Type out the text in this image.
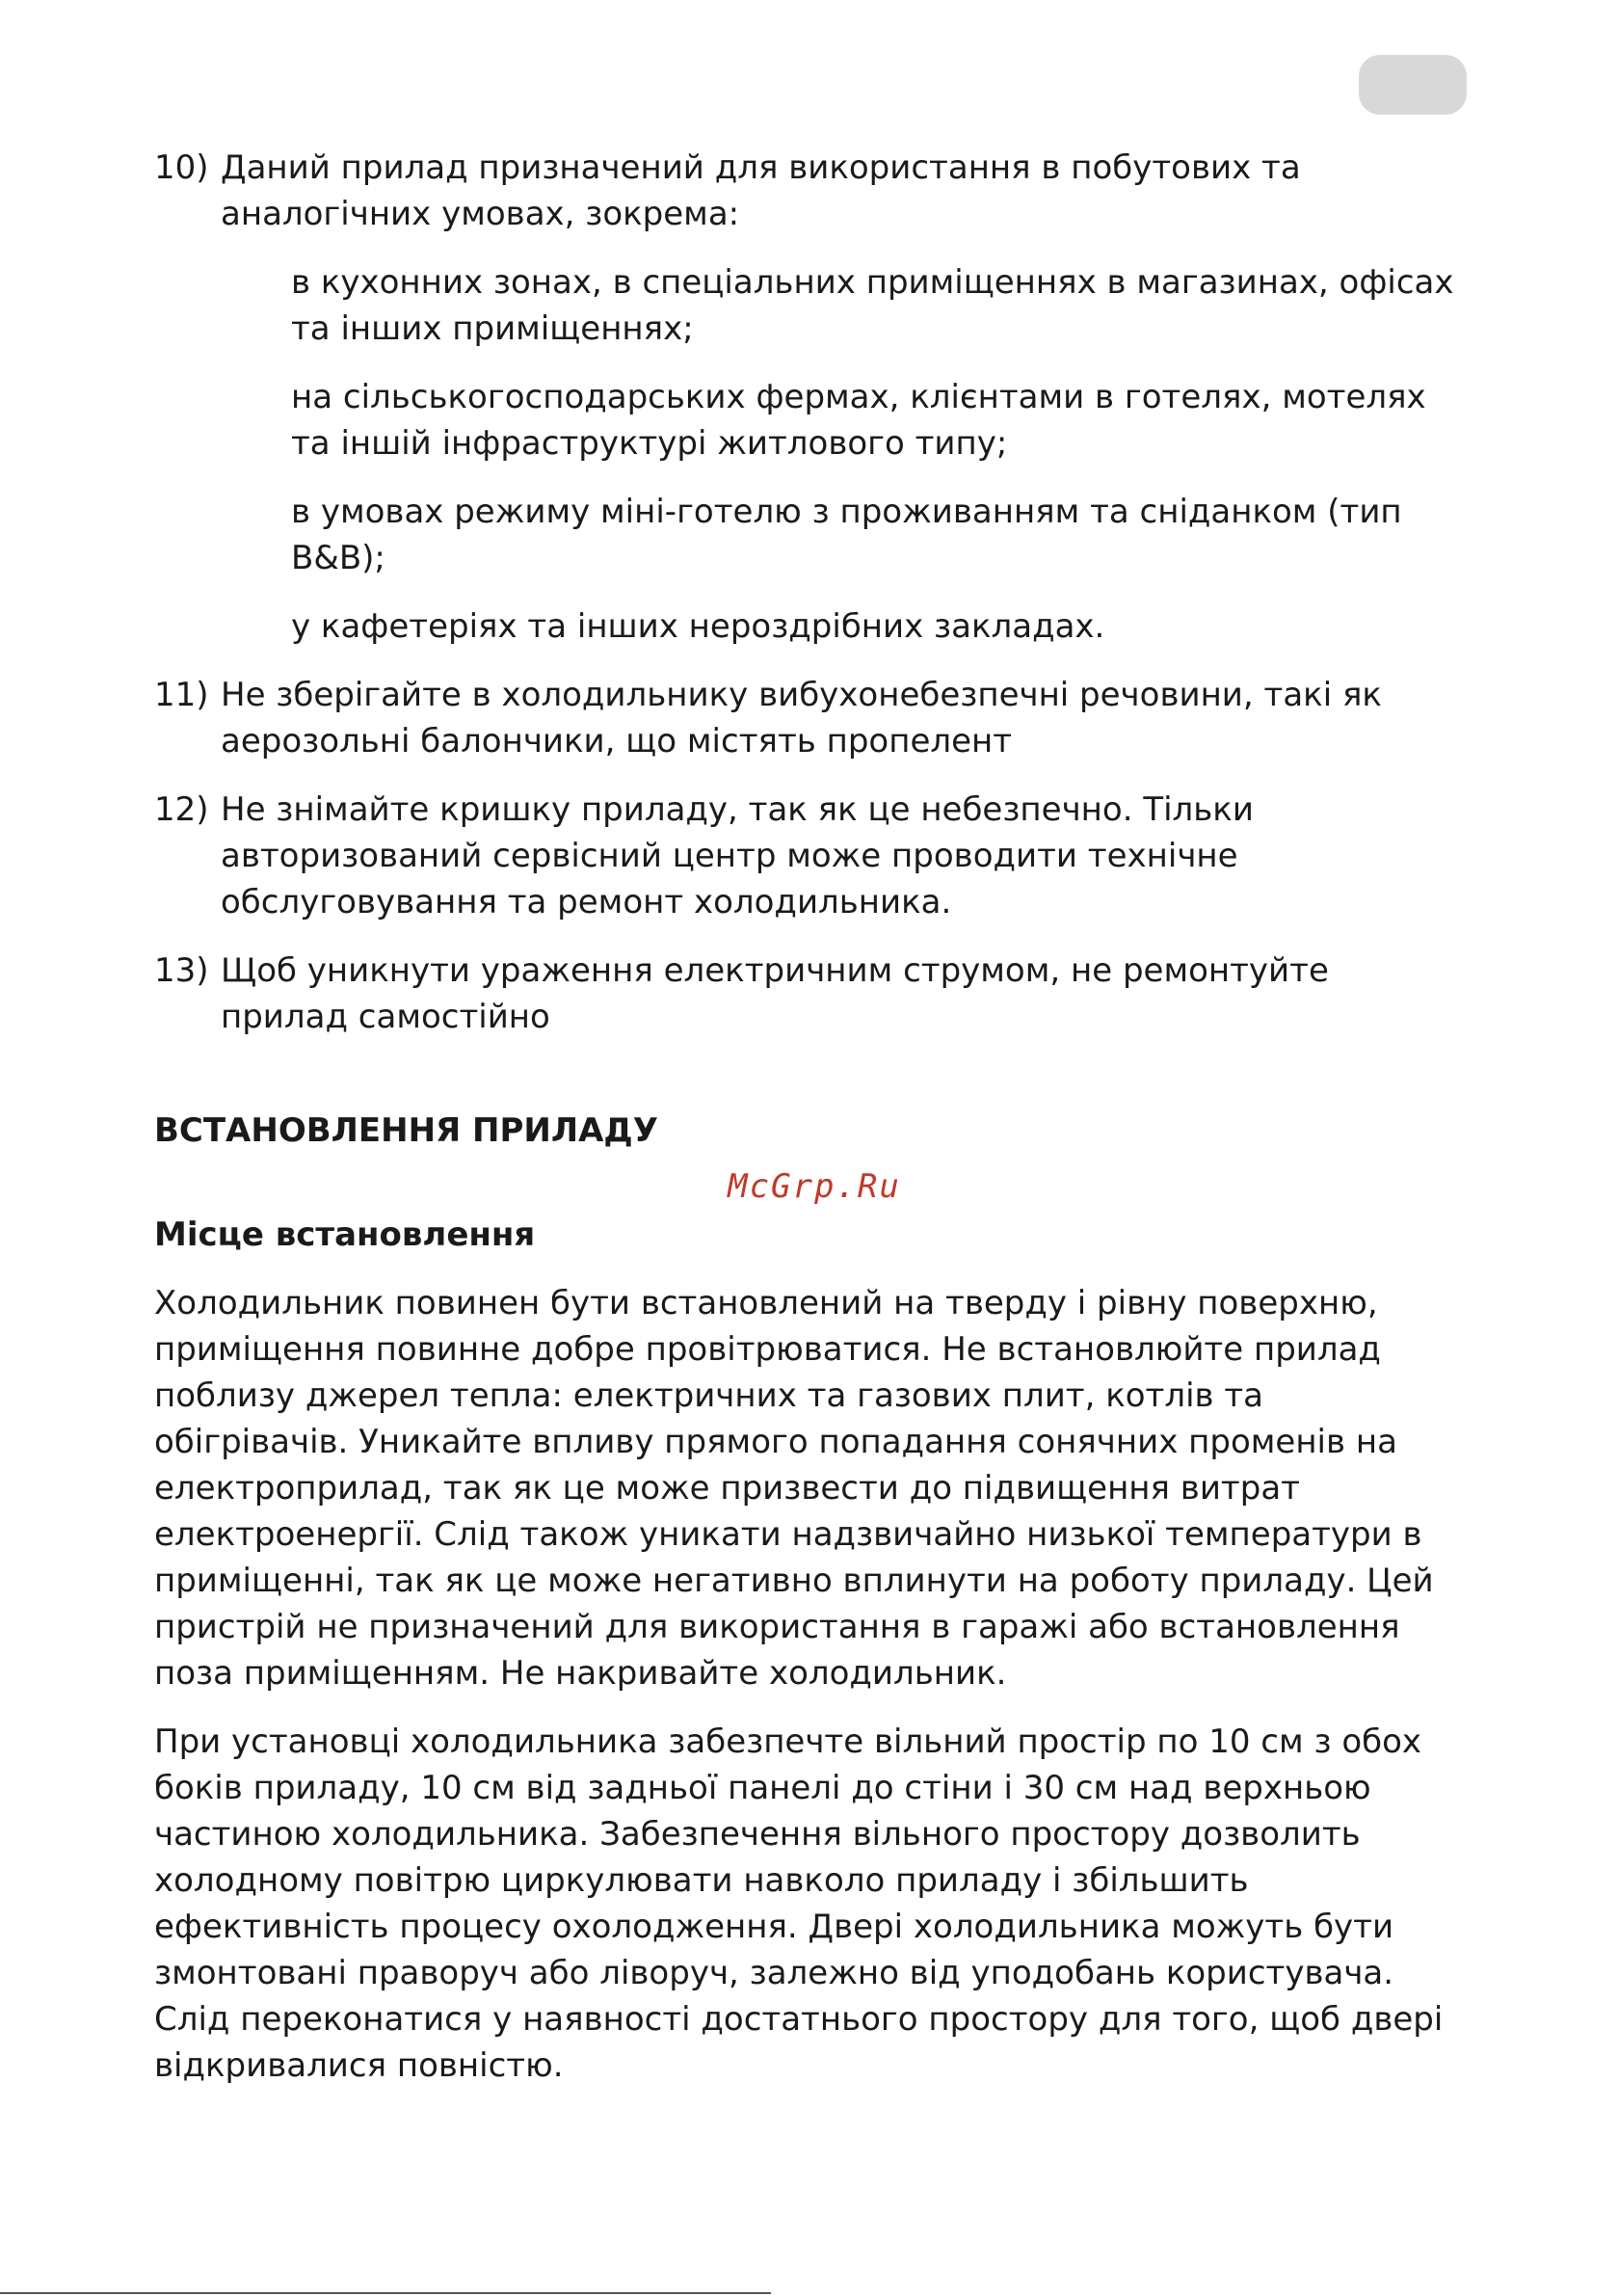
10) Даний прилад призначений для використання в побутових та аналогічних умовах, зокрема:
в кухонних зонах, в спеціальних приміщеннях в магазинах, офісах та інших приміщеннях;
на сільськогосподарських фермах, клієнтами в готелях, мотелях та іншій інфраструктурі житлового типу;
в умовах режиму міні-готелю з проживанням та сніданком (тип B&B);
у кафетеріях та інших нероздрібних закладах.
11) Не зберігайте в холодильнику вибухонебезпечні речовини, такі як аерозольні балончики, що містять пропелент
12) Не знімайте кришку приладу, так як це небезпечно. Тільки авторизований сервісний центр може проводити технічне обслуговування та ремонт холодильника.
13) Щоб уникнути ураження електричним струмом, не ремонтуйте прилад самостійно
ВСТАНОВЛЕННЯ ПРИЛАДУ
McGrp.Ru
Місце встановлення
Холодильник повинен бути встановлений на тверду і рівну поверхню, приміщення повинне добре провітрюватися. Не встановлюйте прилад поблизу джерел тепла: електричних та газових плит, котлів та обігрівачів. Уникайте впливу прямого попадання сонячних променів на електроприлад, так як це може призвести до підвищення витрат електроенергії. Слід також уникати надзвичайно низької температури в приміщенні, так як це може негативно вплинути на роботу приладу. Цей пристрій не призначений для використання в гаражі або встановлення поза приміщенням. Не накривайте холодильник.
При установці холодильника забезпечте вільний простір по 10 см з обох боків приладу, 10 см від задньої панелі до стіни і 30 см над верхньою частиною холодильника. Забезпечення вільного простору дозволить холодному повітрю циркулювати навколо приладу і збільшить ефективність процесу охолодження. Двері холодильника можуть бути змонтовані праворуч або ліворуч, залежно від уподобань користувача. Слід переконатися у наявності достатнього простору для того, щоб двері відкривалися повністю.
